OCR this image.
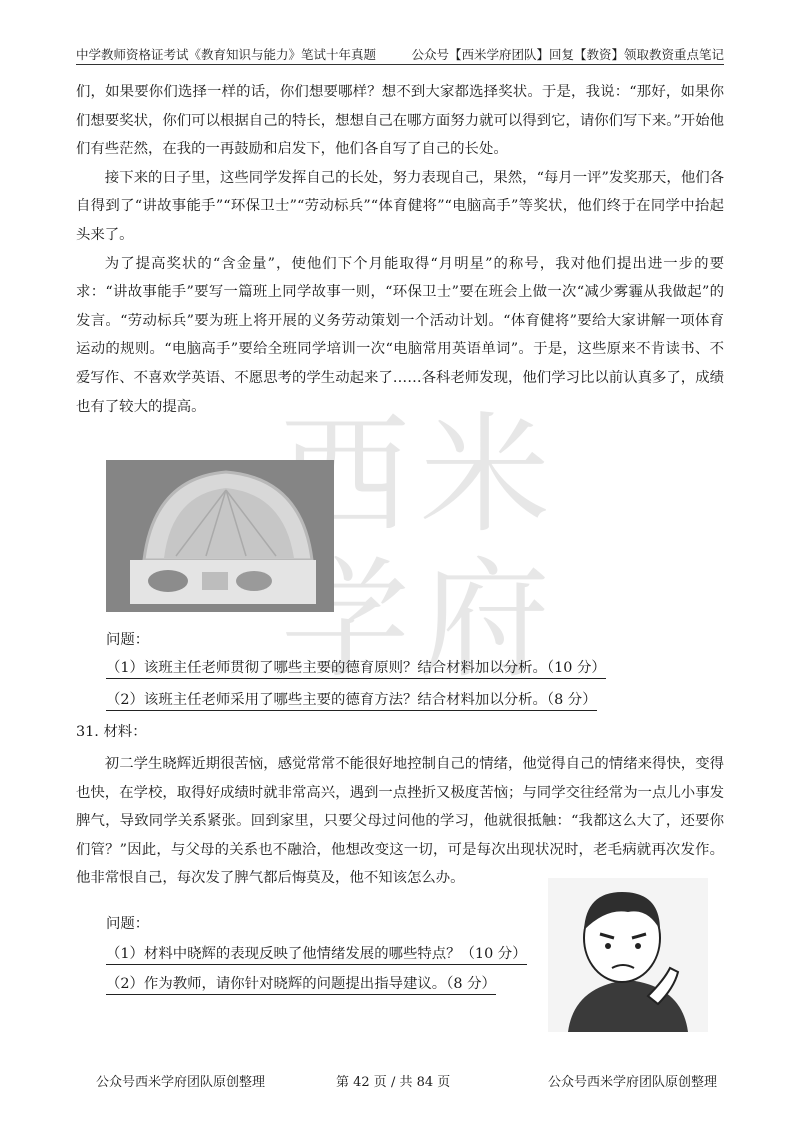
中学教师资格证考试《教育知识与能力》笔试十年真题	公众号【西米学府团队】回复【教资】领取教资重点笔记
西 米
学 府

们，如果要你们选择一样的话，你们想要哪样？想不到大家都选择奖状。于是，我说：“那好，如果你们想要奖状，你们可以根据自己的特长，想想自己在哪方面努力就可以得到它，请你们写下来。”开始他们有些茫然，在我的一再鼓励和启发下，他们各自写了自己的长处。

接下来的日子里，这些同学发挥自己的长处，努力表现自己，果然，“每月一评”发奖那天，他们各自得到了“讲故事能手”“环保卫士”“劳动标兵”“体育健将”“电脑高手”等奖状，他们终于在同学中抬起头来了。

为了提高奖状的“含金量”，使他们下个月能取得“月明星”的称号，我对他们提出进一步的要求：“讲故事能手”要写一篇班上同学故事一则，“环保卫士”要在班会上做一次“减少雾霾从我做起”的发言。“劳动标兵”要为班上将开展的义务劳动策划一个活动计划。“体育健将”要给大家讲解一项体育运动的规则。“电脑高手”要给全班同学培训一次“电脑常用英语单词”。于是，这些原来不肯读书、不爱写作、不喜欢学英语、不愿思考的学生动起来了……各科老师发现，他们学习比以前认真多了，成绩也有了较大的提高。

问题：
（1）该班主任老师贯彻了哪些主要的德育原则？结合材料加以分析。（10 分）
（2）该班主任老师采用了哪些主要的德育方法？结合材料加以分析。（8 分）
31. 材料：

初二学生晓辉近期很苦恼，感觉常常不能很好地控制自己的情绪，他觉得自己的情绪来得快，变得也快，在学校，取得好成绩时就非常高兴，遇到一点挫折又极度苦恼；与同学交往经常为一点儿小事发脾气，导致同学关系紧张。回到家里，只要父母过问他的学习，他就很抵触：“我都这么大了，还要你们管？”因此，与父母的关系也不融洽，他想改变这一切，可是每次出现状况时，老毛病就再次发作。他非常恨自己，每次发了脾气都后悔莫及，他不知该怎么办。

问题：
（1）材料中晓辉的表现反映了他情绪发展的哪些特点？（10 分）
（2）作为教师，请你针对晓辉的问题提出指导建议。（8 分）
公众号西米学府团队原创整理	第 42 页 / 共 84 页	公众号西米学府团队原创整理
